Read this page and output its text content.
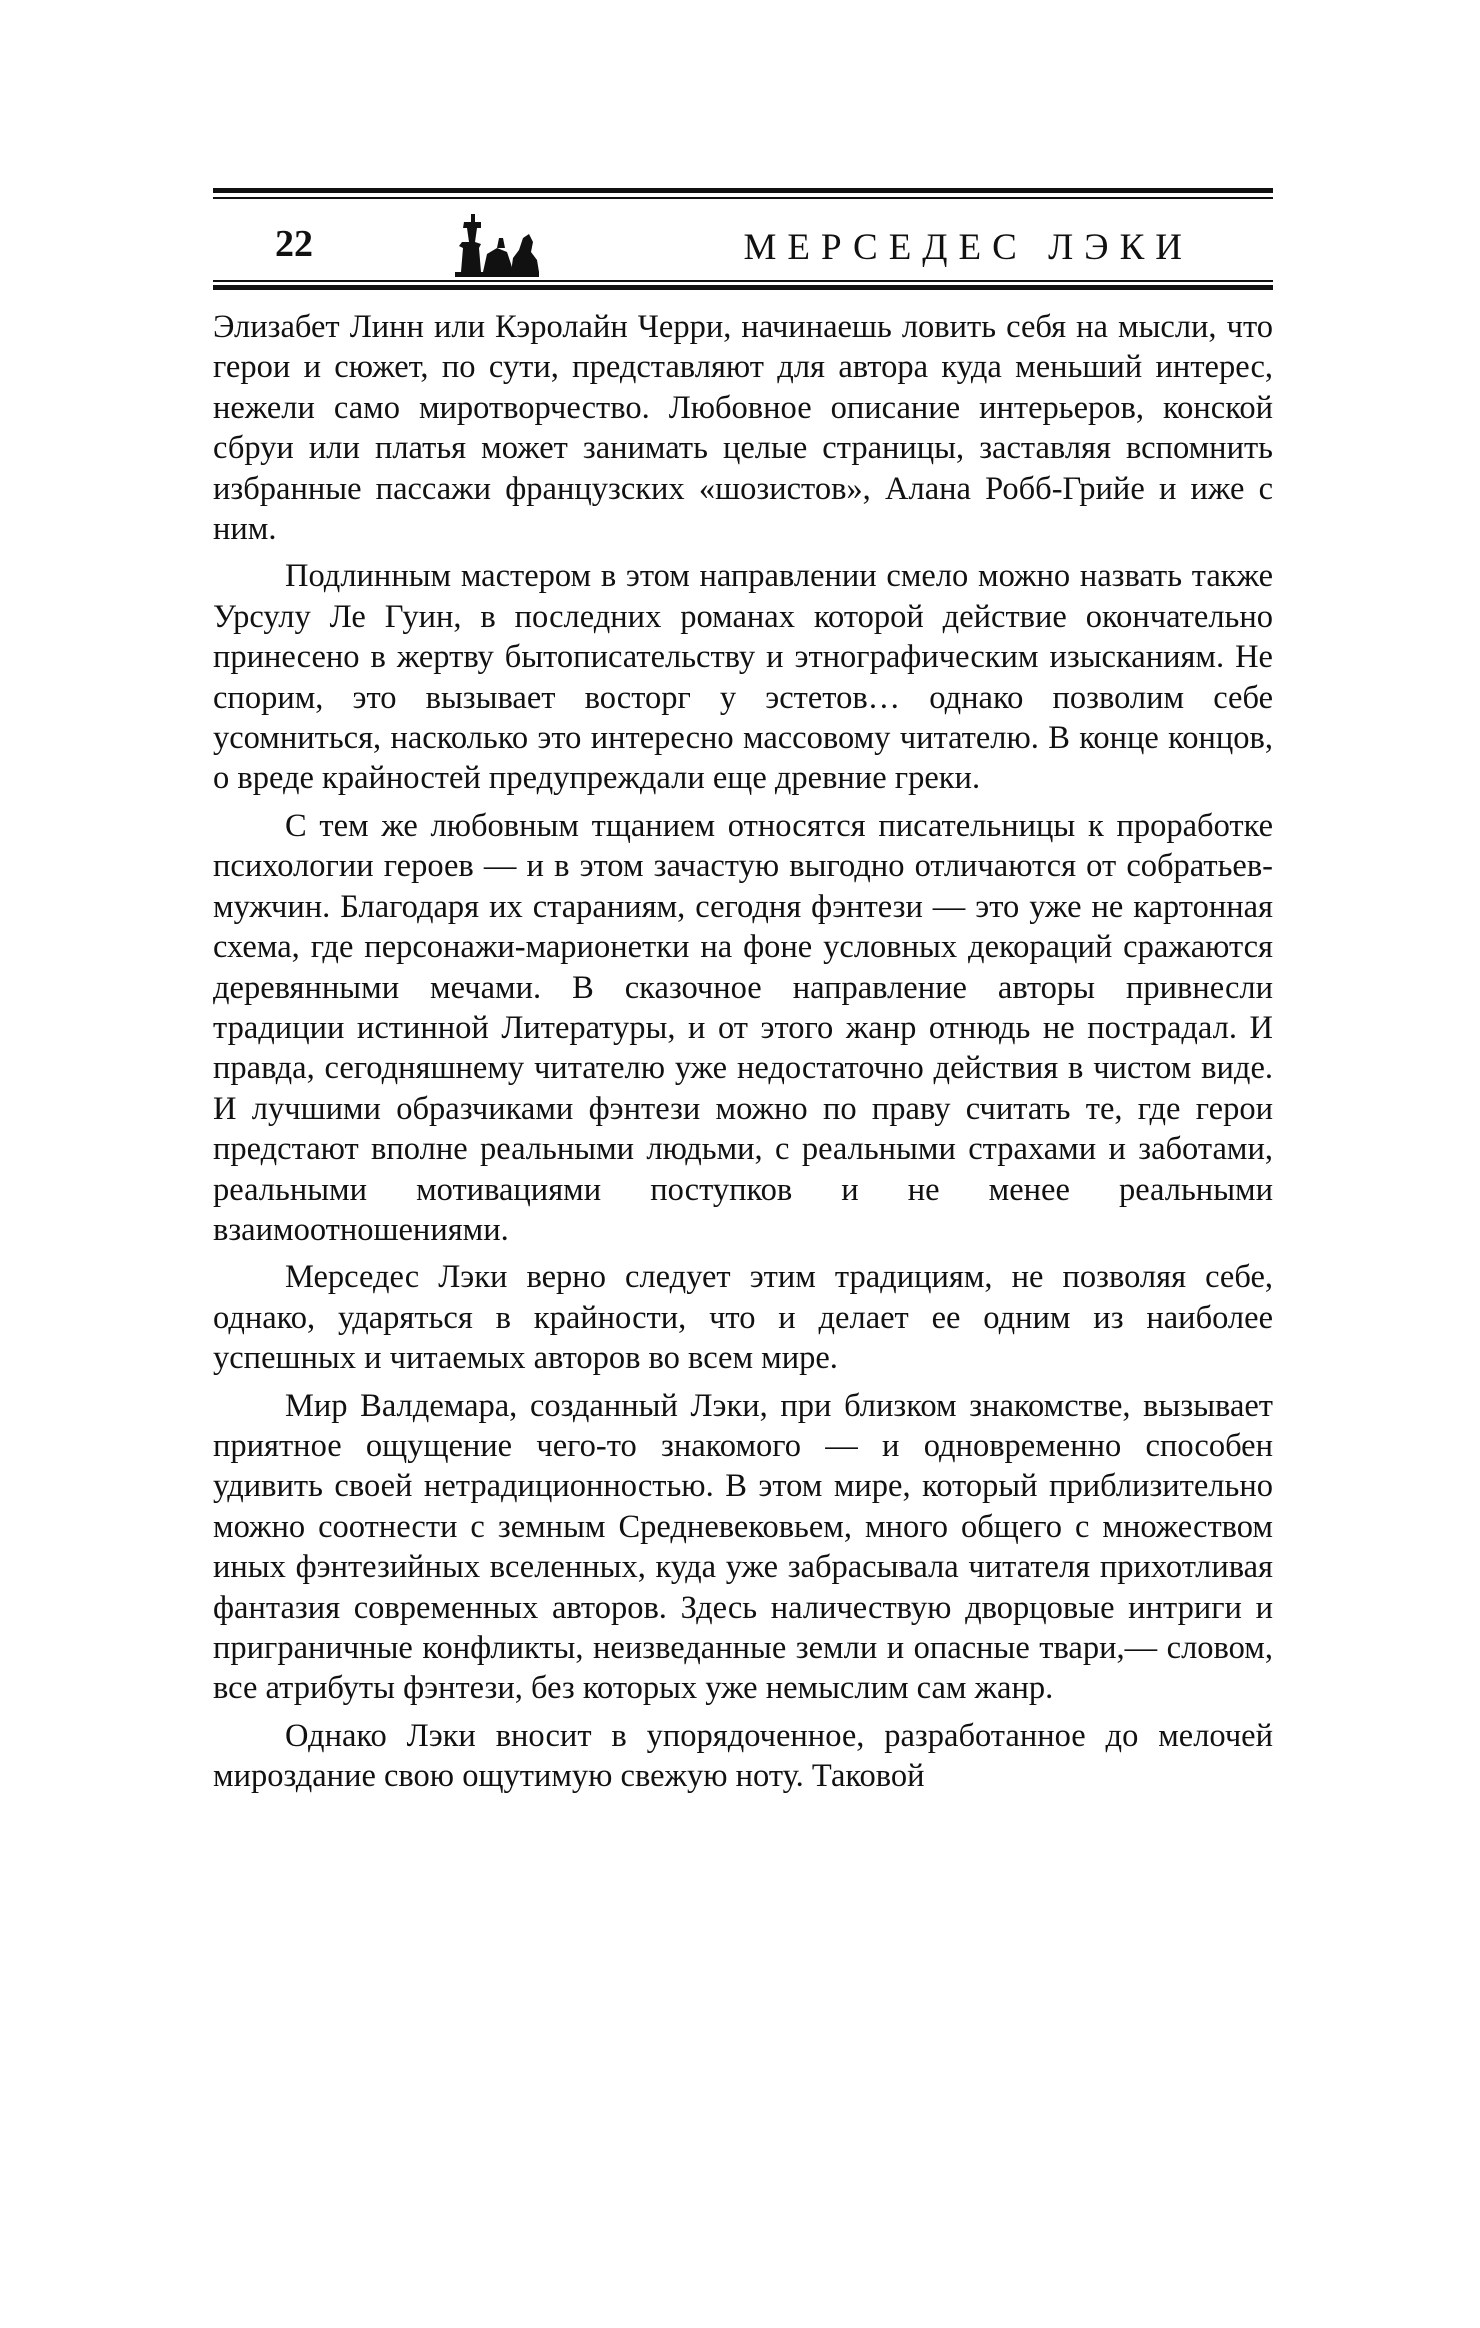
22	МЕРСЕДЕС ЛЭКИ

Элизабет Линн или Кэролайн Черри, начинаешь ловить себя на мысли, что герои и сюжет, по сути, представляют для автора куда меньший интерес, нежели само миротворчество. Любовное описание интерьеров, конской сбруи или платья может занимать целые страницы, заставляя вспомнить избранные пассажи французских «шозистов», Алана Робб-Грийе и иже с ним.

Подлинным мастером в этом направлении смело можно назвать также Урсулу Ле Гуин, в последних романах которой действие окончательно принесено в жертву бытописательству и этнографическим изысканиям. Не спорим, это вызывает восторг у эстетов… однако позволим себе усомниться, насколько это интересно массовому читателю. В конце концов, о вреде крайностей предупреждали еще древние греки.

С тем же любовным тщанием относятся писательницы к проработке психологии героев — и в этом зачастую выгодно отличаются от собратьев-мужчин. Благодаря их стараниям, сегодня фэнтези — это уже не картонная схема, где персонажи-марионетки на фоне условных декораций сражаются деревянными мечами. В сказочное направление авторы привнесли традиции истинной Литературы, и от этого жанр отнюдь не пострадал. И правда, сегодняшнему читателю уже недостаточно действия в чистом виде. И лучшими образчиками фэнтези можно по праву считать те, где герои предстают вполне реальными людьми, с реальными страхами и заботами, реальными мотивациями поступков и не менее реальными взаимоотношениями.

Мерседес Лэки верно следует этим традициям, не позволяя себе, однако, ударяться в крайности, что и делает ее одним из наиболее успешных и читаемых авторов во всем мире.

Мир Валдемара, созданный Лэки, при близком знакомстве, вызывает приятное ощущение чего-то знакомого — и одновременно способен удивить своей нетрадиционностью. В этом мире, который приблизительно можно соотнести с земным Средневековьем, много общего с множеством иных фэнтезийных вселенных, куда уже забрасывала читателя прихотливая фантазия современных авторов. Здесь наличествую дворцовые интриги и приграничные конфликты, неизведанные земли и опасные твари,— словом, все атрибуты фэнтези, без которых уже немыслим сам жанр.

Однако Лэки вносит в упорядоченное, разработанное до мелочей мироздание свою ощутимую свежую ноту. Таковой
